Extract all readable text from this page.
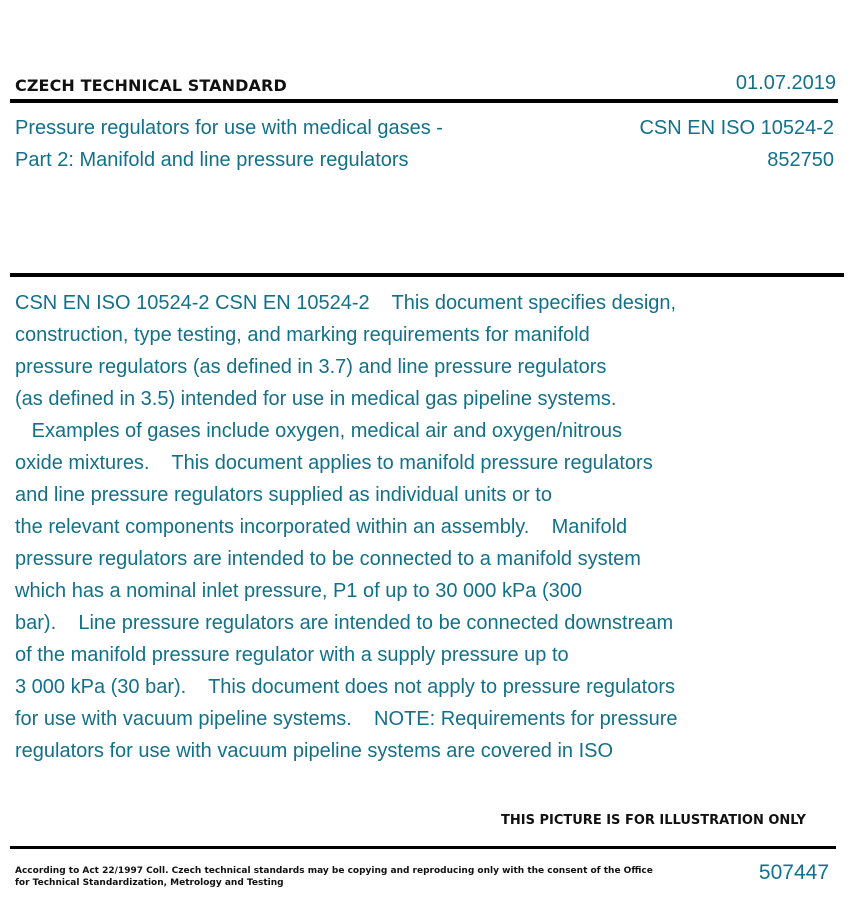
CZECH TECHNICAL STANDARD	01.07.2019
Pressure regulators for use with medical gases -
Part 2: Manifold and line pressure regulators
CSN EN ISO 10524-2
852750
CSN EN ISO 10524-2 CSN EN 10524-2    This document specifies design,
construction, type testing, and marking requirements for manifold
pressure regulators (as defined in 3.7) and line pressure regulators
(as defined in 3.5) intended for use in medical gas pipeline systems.
Examples of gases include oxygen, medical air and oxygen/nitrous
oxide mixtures.    This document applies to manifold pressure regulators
and line pressure regulators supplied as individual units or to
the relevant components incorporated within an assembly.    Manifold
pressure regulators are intended to be connected to a manifold system
which has a nominal inlet pressure, P1 of up to 30 000 kPa (300
bar).    Line pressure regulators are intended to be connected downstream
of the manifold pressure regulator with a supply pressure up to
3 000 kPa (30 bar).    This document does not apply to pressure regulators
for use with vacuum pipeline systems.    NOTE: Requirements for pressure
regulators for use with vacuum pipeline systems are covered in ISO
THIS PICTURE IS FOR ILLUSTRATION ONLY
According to Act 22/1997 Coll. Czech technical standards may be copying and reproducing only with the consent of the Office
for Technical Standardization, Metrology and Testing	507447
